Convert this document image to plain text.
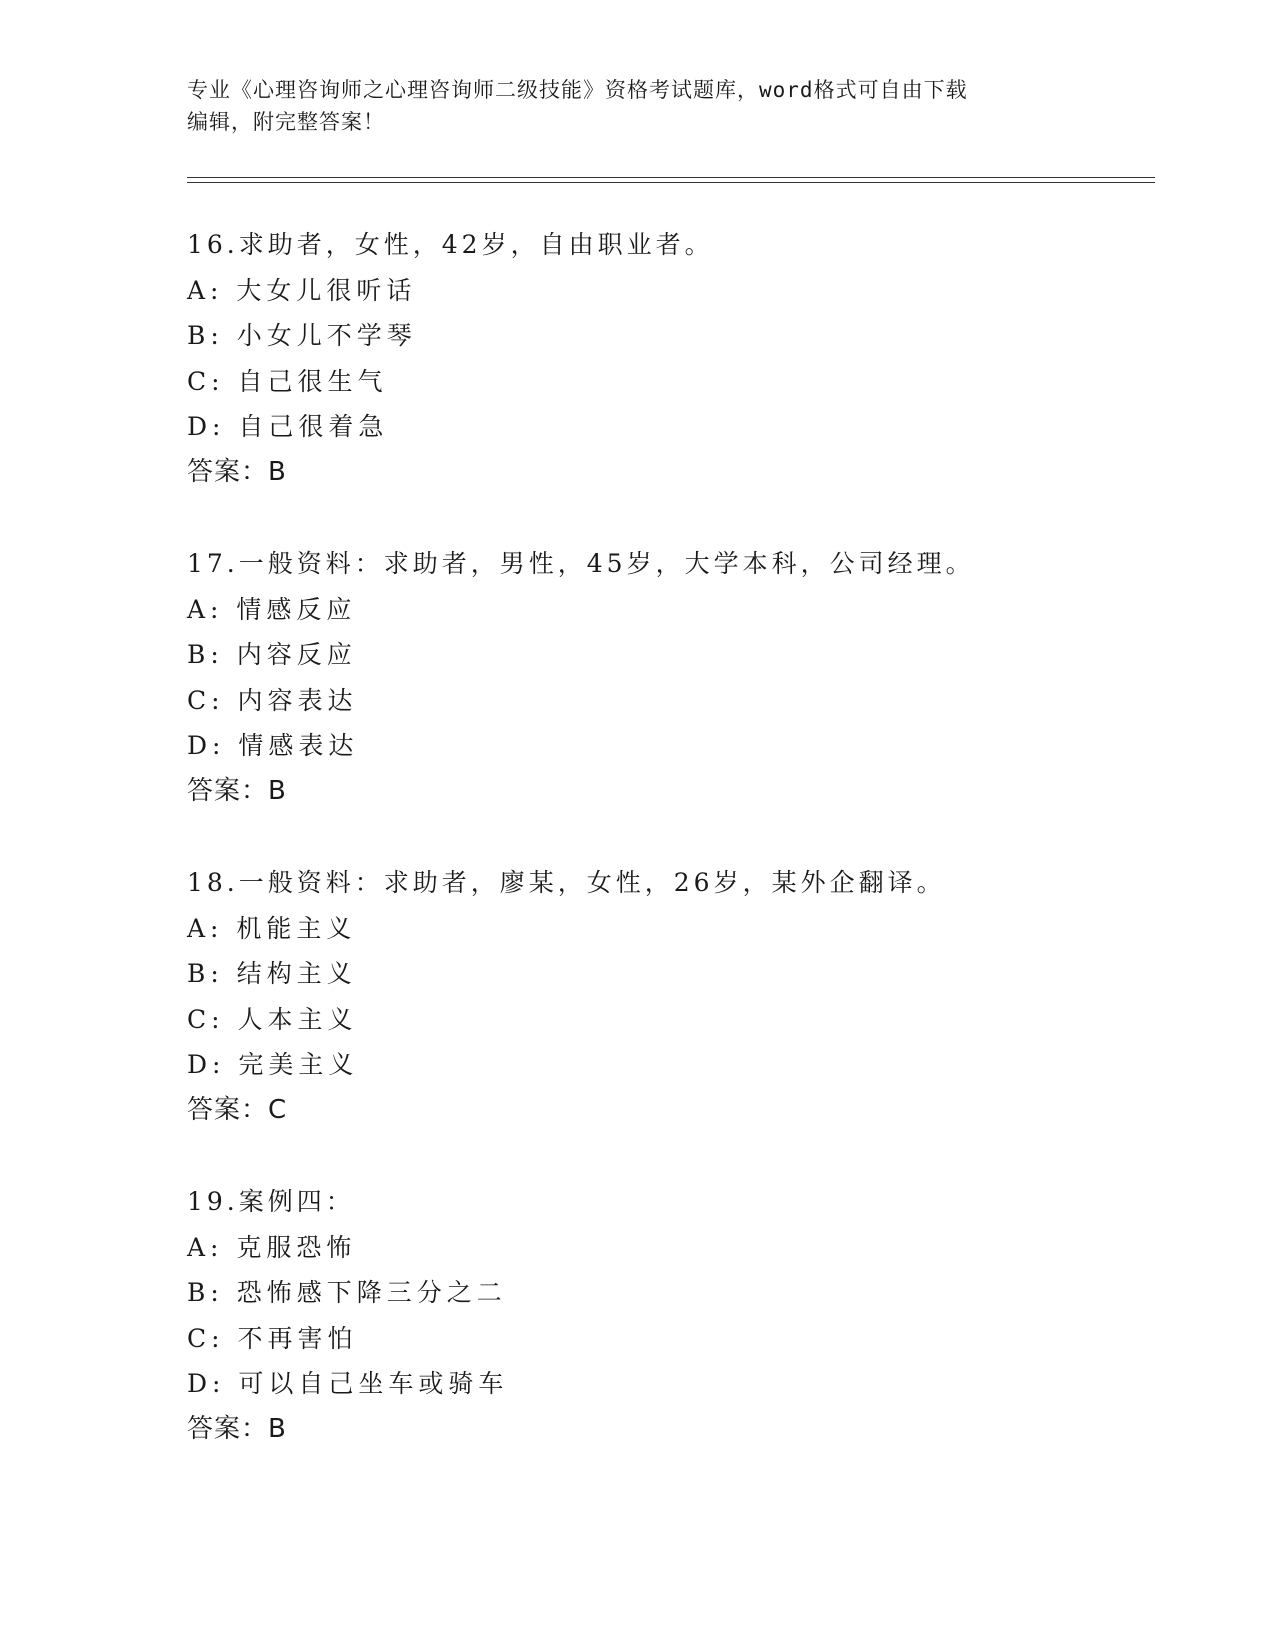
专业《心理咨询师之心理咨询师二级技能》资格考试题库，word格式可自由下载
编辑，附完整答案！
16.求助者，女性，42岁，自由职业者。
A: 大女儿很听话
B: 小女儿不学琴
C: 自己很生气
D: 自己很着急
答案：B
17.一般资料：求助者，男性，45岁，大学本科，公司经理。
A: 情感反应
B: 内容反应
C: 内容表达
D: 情感表达
答案：B
18.一般资料：求助者，廖某，女性，26岁，某外企翻译。
A: 机能主义
B: 结构主义
C: 人本主义
D: 完美主义
答案：C
19.案例四：
A: 克服恐怖
B: 恐怖感下降三分之二
C: 不再害怕
D: 可以自己坐车或骑车
答案：B
